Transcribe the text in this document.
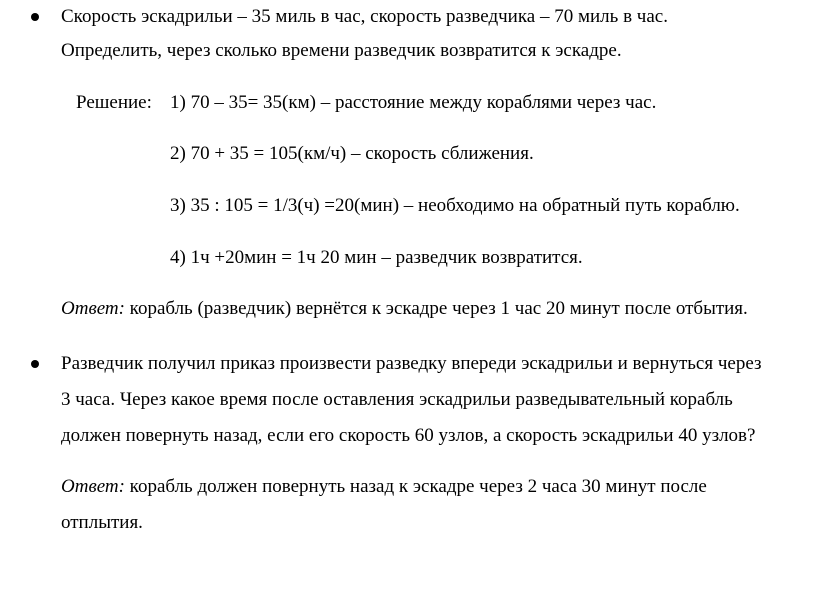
Скорость эскадрильи – 35 миль в час, скорость разведчика – 70 миль в час.
Определить, через сколько времени разведчик возвратится к эскадре.
Решение: 1) 70 – 35= 35(км) – расстояние между кораблями через час.
2) 70 + 35 = 105(км/ч) – скорость сближения.
3) 35 : 105 = 1/3(ч) =20(мин) – необходимо на обратный путь кораблю.
4) 1ч +20мин = 1ч 20 мин – разведчик возвратится.
Ответ: корабль (разведчик) вернётся к эскадре через 1 час 20 минут после отбытия.
Разведчик получил приказ произвести разведку впереди эскадрильи и вернуться через
3 часа. Через какое время после оставления эскадрильи разведывательный корабль
должен повернуть назад, если его скорость 60 узлов, а скорость эскадрильи 40 узлов?
Ответ: корабль должен повернуть назад к эскадре через 2 часа 30 минут после
отплытия.
